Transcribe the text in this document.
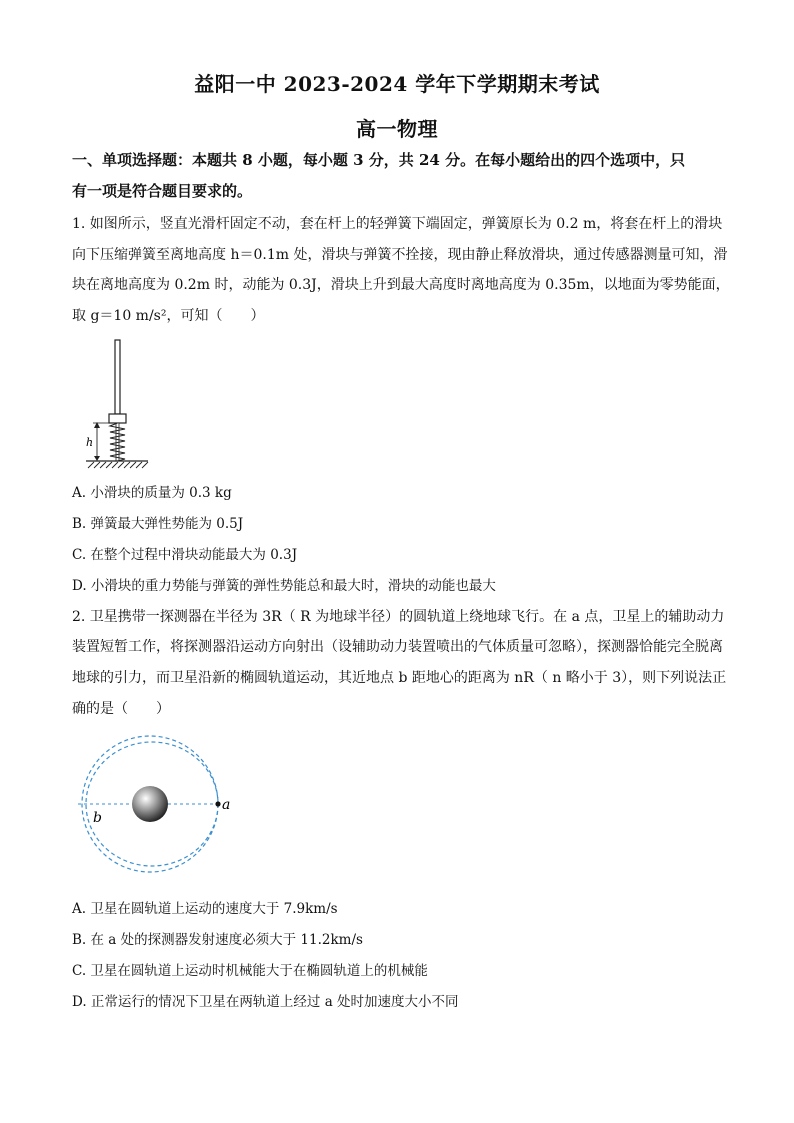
益阳一中 2023-2024 学年下学期期末考试
高一物理
一、单项选择题：本题共 8 小题，每小题 3 分，共 24 分。在每小题给出的四个选项中，只
有一项是符合题目要求的。
1. 如图所示，竖直光滑杆固定不动，套在杆上的轻弹簧下端固定，弹簧原长为 0.2 m，将套在杆上的滑块
向下压缩弹簧至离地高度 h＝0.1m 处，滑块与弹簧不拴接，现由静止释放滑块，通过传感器测量可知，滑
块在离地高度为 0.2m 时，动能为 0.3J，滑块上升到最大高度时离地高度为 0.35m，以地面为零势能面，
取 g＝10 m/s²，可知（　　）
h
A. 小滑块的质量为 0.3 kg
B. 弹簧最大弹性势能为 0.5J
C. 在整个过程中滑块动能最大为 0.3J
D. 小滑块的重力势能与弹簧的弹性势能总和最大时，滑块的动能也最大
2. 卫星携带一探测器在半径为 3R（ R 为地球半径）的圆轨道上绕地球飞行。在 a 点，卫星上的辅助动力
装置短暂工作，将探测器沿运动方向射出（设辅助动力装置喷出的气体质量可忽略），探测器恰能完全脱离
地球的引力，而卫星沿新的椭圆轨道运动，其近地点 b 距地心的距离为 nR（ n 略小于 3），则下列说法正
确的是（　　）
a
b
A. 卫星在圆轨道上运动的速度大于 7.9km/s
B. 在 a 处的探测器发射速度必须大于 11.2km/s
C. 卫星在圆轨道上运动时机械能大于在椭圆轨道上的机械能
D. 正常运行的情况下卫星在两轨道上经过 a 处时加速度大小不同
